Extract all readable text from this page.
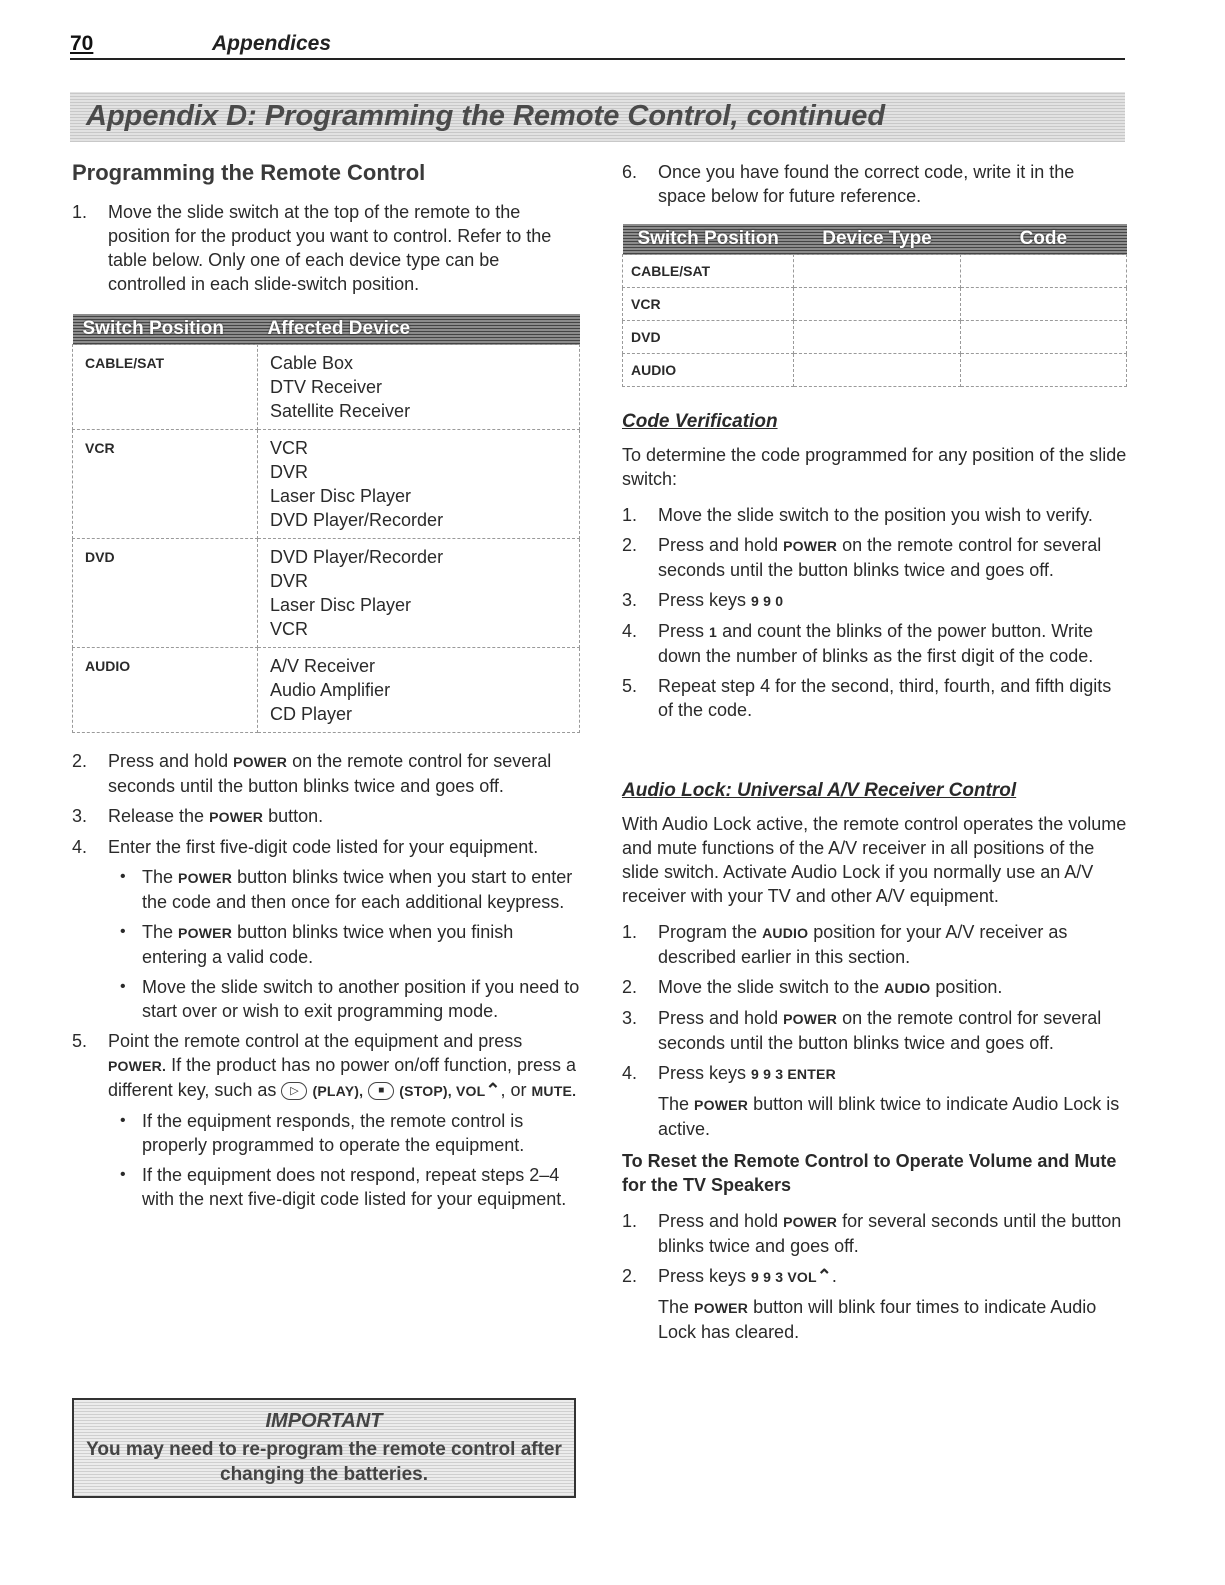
70	Appendices
Appendix D: Programming the Remote Control, continued
Programming the Remote Control
1. Move the slide switch at the top of the remote to the position for the product you want to control. Refer to the table below. Only one of each device type can be controlled in each slide-switch position.
Switch Position	Affected Device
CABLE/SAT	Cable Box
DTV Receiver
Satellite Receiver

VCR	VCR
DVR
Laser Disc Player
DVD Player/Recorder

DVD	DVD Player/Recorder
DVR
Laser Disc Player
VCR

AUDIO	A/V Receiver
Audio Amplifier
CD Player
2. Press and hold POWER on the remote control for several seconds until the button blinks twice and goes off.
3. Release the POWER button.
4. Enter the first five-digit code listed for your equipment.
• The POWER button blinks twice when you start to enter the code and then once for each additional keypress.
• The POWER button blinks twice when you finish entering a valid code.
• Move the slide switch to another position if you need to start over or wish to exit programming mode.
5. Point the remote control at the equipment and press POWER. If the product has no power on/off function, press a different key, such as ▷ (PLAY), ■ (STOP), VOL⌃, or MUTE.
• If the equipment responds, the remote control is properly programmed to operate the equipment.
• If the equipment does not respond, repeat steps 2–4 with the next five-digit code listed for your equipment.
IMPORTANT
You may need to re-program the remote control after changing the batteries.
6. Once you have found the correct code, write it in the space below for future reference.
Switch Position	Device Type	Code
CABLE/SAT		
VCR		
DVD		
AUDIO		
Code Verification

To determine the code programmed for any position of the slide switch:

1. Move the slide switch to the position you wish to verify.
2. Press and hold POWER on the remote control for several seconds until the button blinks twice and goes off.
3. Press keys 9 9 0
4. Press 1 and count the blinks of the power button. Write down the number of blinks as the first digit of the code.
5. Repeat step 4 for the second, third, fourth, and fifth digits of the code.
Audio Lock: Universal A/V Receiver Control

With Audio Lock active, the remote control operates the volume and mute functions of the A/V receiver in all positions of the slide switch. Activate Audio Lock if you normally use an A/V receiver with your TV and other A/V equipment.

1. Program the AUDIO position for your A/V receiver as described earlier in this section.
2. Move the slide switch to the AUDIO position.
3. Press and hold POWER on the remote control for several seconds until the button blinks twice and goes off.
4. Press keys 9 9 3 ENTER
The POWER button will blink twice to indicate Audio Lock is active.
To Reset the Remote Control to Operate Volume and Mute for the TV Speakers
1. Press and hold POWER for several seconds until the button blinks twice and goes off.
2. Press keys 9 9 3 VOL⌃.
The POWER button will blink four times to indicate Audio Lock has cleared.
